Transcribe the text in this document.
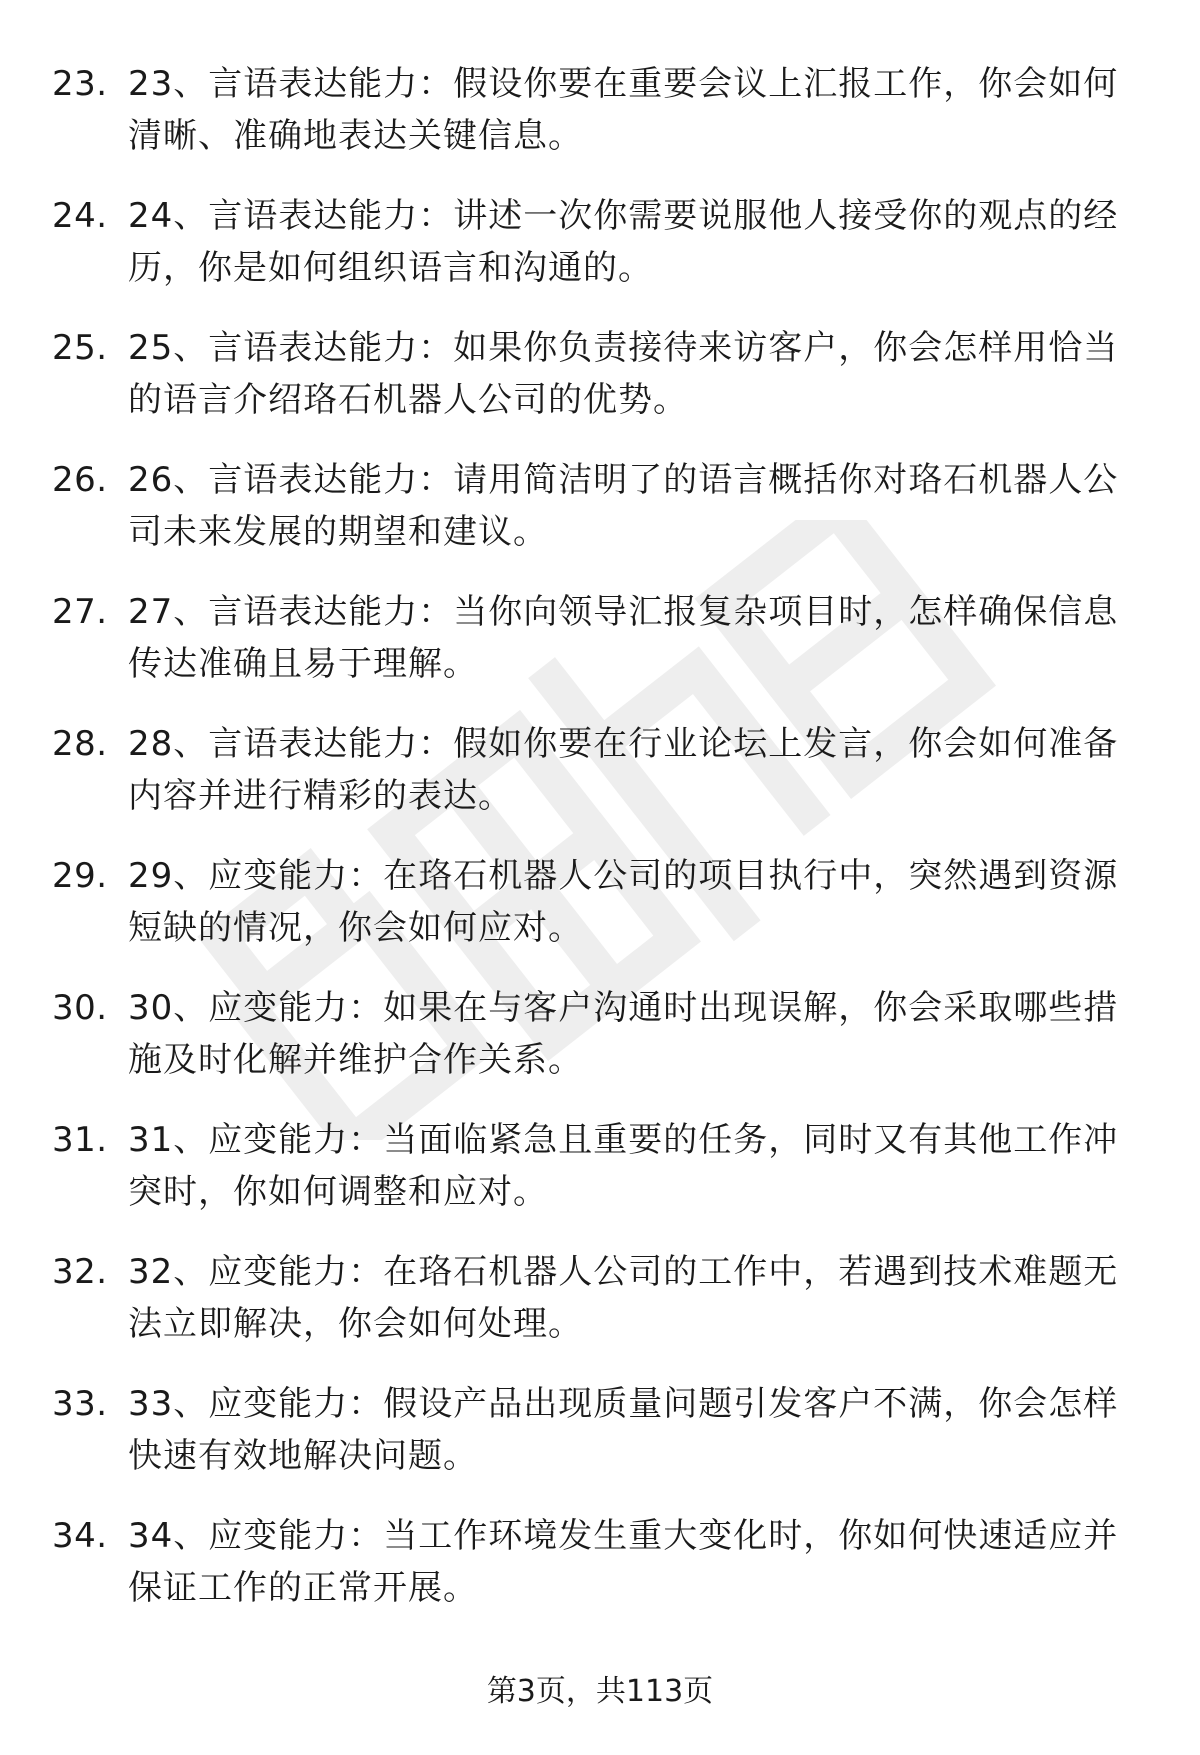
23. 23、言语表达能力：假设你要在重要会议上汇报工作，你会如何清晰、准确地表达关键信息。
24. 24、言语表达能力：讲述一次你需要说服他人接受你的观点的经历，你是如何组织语言和沟通的。
25. 25、言语表达能力：如果你负责接待来访客户，你会怎样用恰当的语言介绍珞石机器人公司的优势。
26. 26、言语表达能力：请用简洁明了的语言概括你对珞石机器人公司未来发展的期望和建议。
27. 27、言语表达能力：当你向领导汇报复杂项目时，怎样确保信息传达准确且易于理解。
28. 28、言语表达能力：假如你要在行业论坛上发言，你会如何准备内容并进行精彩的表达。
29. 29、应变能力：在珞石机器人公司的项目执行中，突然遇到资源短缺的情况，你会如何应对。
30. 30、应变能力：如果在与客户沟通时出现误解，你会采取哪些措施及时化解并维护合作关系。
31. 31、应变能力：当面临紧急且重要的任务，同时又有其他工作冲突时，你如何调整和应对。
32. 32、应变能力：在珞石机器人公司的工作中，若遇到技术难题无法立即解决，你会如何处理。
33. 33、应变能力：假设产品出现质量问题引发客户不满，你会怎样快速有效地解决问题。
34. 34、应变能力：当工作环境发生重大变化时，你如何快速适应并保证工作的正常开展。
第3页，共113页
